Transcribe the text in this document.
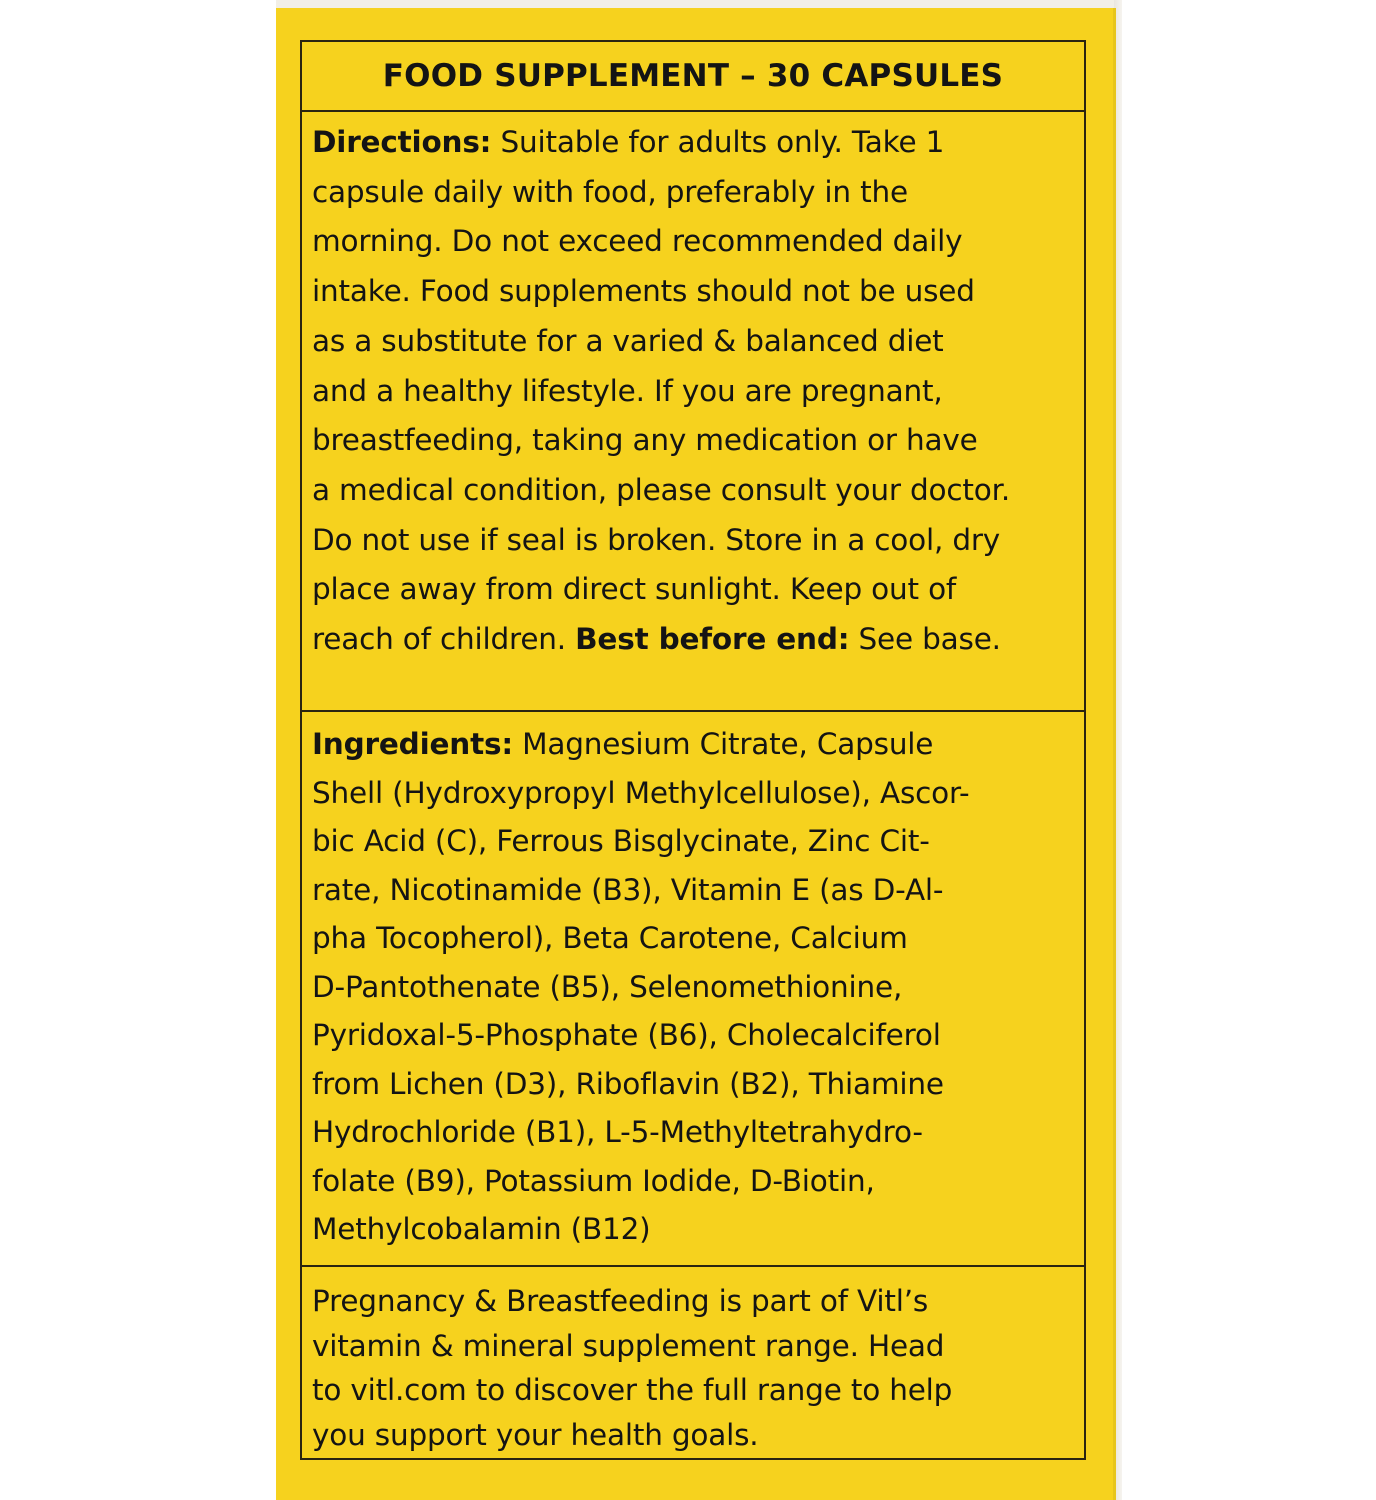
FOOD SUPPLEMENT – 30 CAPSULES
Directions: Suitable for adults only. Take 1
capsule daily with food, preferably in the
morning. Do not exceed recommended daily
intake. Food supplements should not be used
as a substitute for a varied & balanced diet
and a healthy lifestyle. If you are pregnant,
breastfeeding, taking any medication or have
a medical condition, please consult your doctor.
Do not use if seal is broken. Store in a cool, dry
place away from direct sunlight. Keep out of
reach of children. Best before end: See base.
Ingredients: Magnesium Citrate, Capsule
Shell (Hydroxypropyl Methylcellulose), Ascor-
bic Acid (C), Ferrous Bisglycinate, Zinc Cit-
rate, Nicotinamide (B3), Vitamin E (as D-Al-
pha Tocopherol), Beta Carotene, Calcium
D-Pantothenate (B5), Selenomethionine,
Pyridoxal-5-Phosphate (B6), Cholecalciferol
from Lichen (D3), Riboflavin (B2), Thiamine
Hydrochloride (B1), L-5-Methyltetrahydro-
folate (B9), Potassium Iodide, D-Biotin,
Methylcobalamin (B12)
Pregnancy & Breastfeeding is part of Vitl’s
vitamin & mineral supplement range. Head
to vitl.com to discover the full range to help
you support your health goals.
